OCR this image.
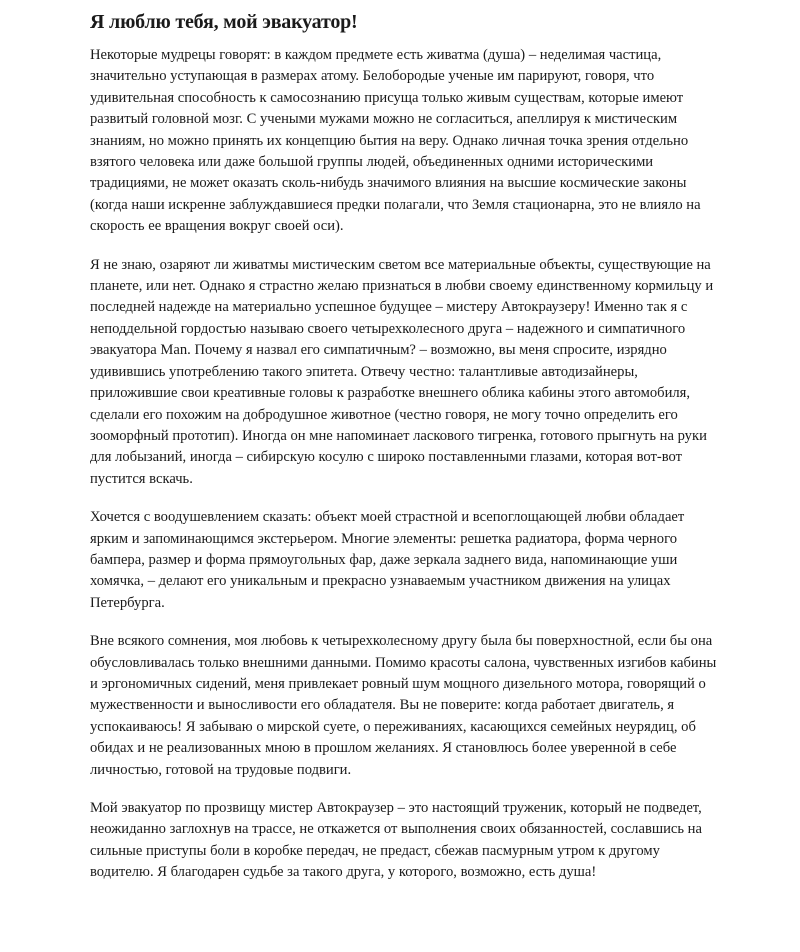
Я люблю тебя, мой эвакуатор!

Некоторые мудрецы говорят: в каждом предмете есть живатма (душа) – неделимая частица, значительно уступающая в размерах атому. Белобородые ученые им парируют, говоря, что удивительная способность к самосознанию присуща только живым существам, которые имеют развитый головной мозг. С учеными мужами можно не согласиться, апеллируя к мистическим знаниям, но можно принять их концепцию бытия на веру. Однако личная точка зрения отдельно взятого человека или даже большой группы людей, объединенных одними историческими традициями, не может оказать сколь-нибудь значимого влияния на высшие космические законы (когда наши искренне заблуждавшиеся предки полагали, что Земля стационарна, это не влияло на скорость ее вращения вокруг своей оси).

Я не знаю, озаряют ли живатмы мистическим светом все материальные объекты, существующие на планете, или нет. Однако я страстно желаю признаться в любви своему единственному кормильцу и последней надежде на материально успешное будущее – мистеру Автокраузеру! Именно так я с неподдельной гордостью называю своего четырехколесного друга – надежного и симпатичного эвакуатора Man. Почему я назвал его симпатичным? – возможно, вы меня спросите, изрядно удивившись употреблению такого эпитета. Отвечу честно: талантливые автодизайнеры, приложившие свои креативные головы к разработке внешнего облика кабины этого автомобиля, сделали его похожим на добродушное животное (честно говоря, не могу точно определить его зооморфный прототип). Иногда он мне напоминает ласкового тигренка, готового прыгнуть на руки для лобызаний, иногда – сибирскую косулю с широко поставленными глазами, которая вот-вот пустится вскачь.

Хочется с воодушевлением сказать: объект моей страстной и всепоглощающей любви обладает ярким и запоминающимся экстерьером. Многие элементы: решетка радиатора, форма черного бампера, размер и форма прямоугольных фар, даже зеркала заднего вида, напоминающие уши хомячка, – делают его уникальным и прекрасно узнаваемым участником движения на улицах Петербурга.

Вне всякого сомнения, моя любовь к четырехколесному другу была бы поверхностной, если бы она обусловливалась только внешними данными. Помимо красоты салона, чувственных изгибов кабины и эргономичных сидений, меня привлекает ровный шум мощного дизельного мотора, говорящий о мужественности и выносливости его обладателя. Вы не поверите: когда работает двигатель, я успокаиваюсь! Я забываю о мирской суете, о переживаниях, касающихся семейных неурядиц, об обидах и не реализованных мною в прошлом желаниях. Я становлюсь более уверенной в себе личностью, готовой на трудовые подвиги.

Мой эвакуатор по прозвищу мистер Автокраузер – это настоящий труженик, который не подведет, неожиданно заглохнув на трассе, не откажется от выполнения своих обязанностей, сославшись на сильные приступы боли в коробке передач, не предаст, сбежав пасмурным утром к другому водителю. Я благодарен судьбе за такого друга, у которого, возможно, есть душа!
